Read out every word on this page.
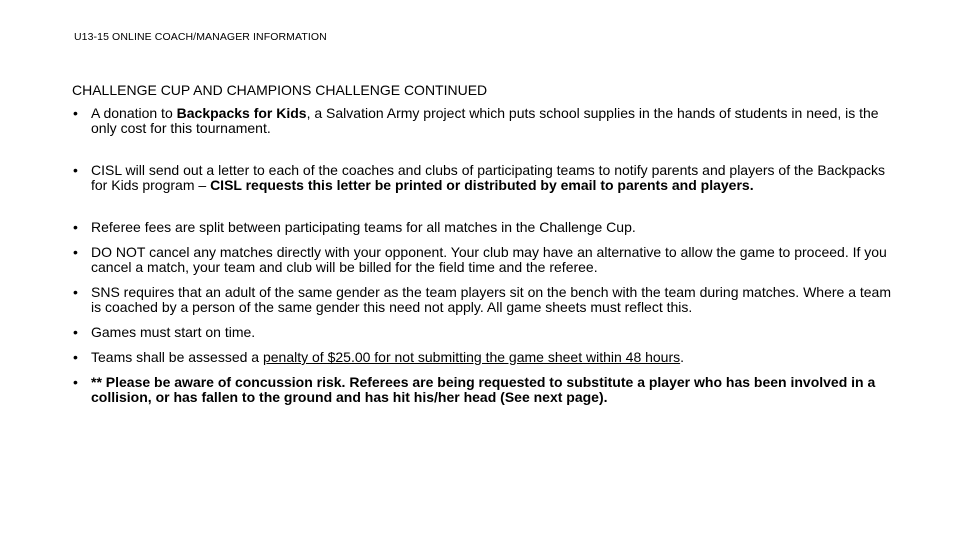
U13-15 ONLINE COACH/MANAGER INFORMATION
CHALLENGE CUP AND CHAMPIONS CHALLENGE CONTINUED

• A donation to Backpacks for Kids, a Salvation Army project which puts school supplies in the hands of students in need, is the only cost for this tournament.

• CISL will send out a letter to each of the coaches and clubs of participating teams to notify parents and players of the Backpacks for Kids program – CISL requests this letter be printed or distributed by email to parents and players.

• Referee fees are split between participating teams for all matches in the Challenge Cup.

• DO NOT cancel any matches directly with your opponent. Your club may have an alternative to allow the game to proceed. If you cancel a match, your team and club will be billed for the field time and the referee.

• SNS requires that an adult of the same gender as the team players sit on the bench with the team during matches. Where a team is coached by a person of the same gender this need not apply. All game sheets must reflect this.

• Games must start on time.

• Teams shall be assessed a penalty of $25.00 for not submitting the game sheet within 48 hours.

• ** Please be aware of concussion risk. Referees are being requested to substitute a player who has been involved in a collision, or has fallen to the ground and has hit his/her head (See next page).
